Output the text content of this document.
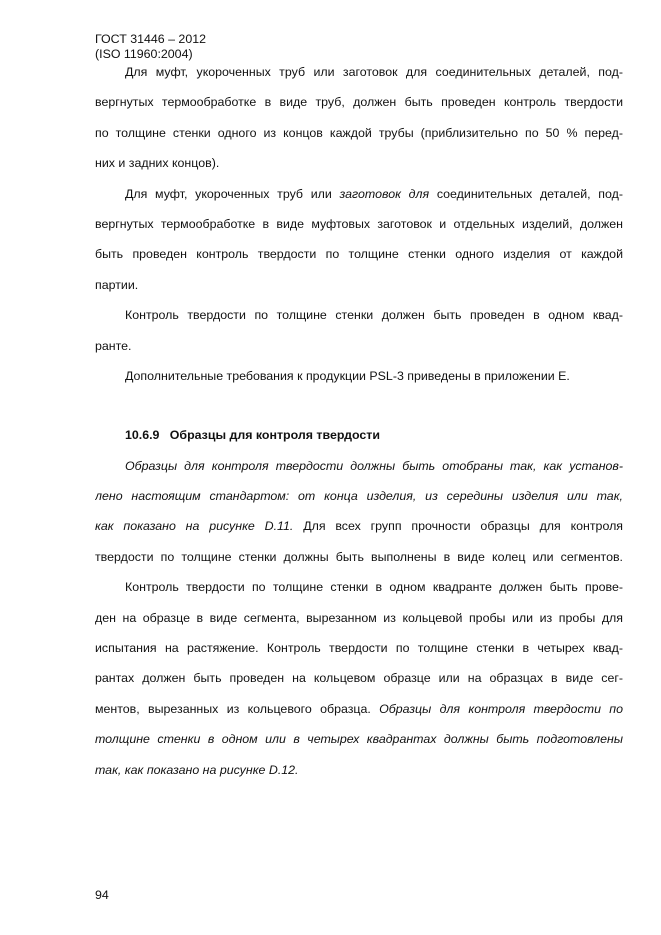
ГОСТ 31446 – 2012
(ISO 11960:2004)
Для муфт, укороченных труб или заготовок для соединительных деталей, под-
вергнутых термообработке в виде труб, должен быть проведен контроль твердости
по толщине стенки одного из концов каждой трубы (приблизительно по 50 % перед-
них и задних концов).
Для муфт, укороченных труб или заготовок для соединительных деталей, под-
вергнутых термообработке в виде муфтовых заготовок и отдельных изделий, должен
быть проведен контроль твердости по толщине стенки одного изделия от каждой
партии.
Контроль твердости по толщине стенки должен быть проведен в одном квад-
ранте.
Дополнительные требования к продукции PSL-3 приведены в приложении E.
10.6.9   Образцы для контроля твердости
Образцы для контроля твердости должны быть отобраны так, как установ-
лено настоящим стандартом: от конца изделия, из середины изделия или так,
как показано на рисунке D.11. Для всех групп прочности образцы для контроля
твердости по толщине стенки должны быть выполнены в виде колец или сегментов.
Контроль твердости по толщине стенки в одном квадранте должен быть прове-
ден на образце в виде сегмента, вырезанном из кольцевой пробы или из пробы для
испытания на растяжение. Контроль твердости по толщине стенки в четырех квад-
рантах должен быть проведен на кольцевом образце или на образцах в виде сег-
ментов, вырезанных из кольцевого образца. Образцы для контроля твердости по
толщине стенки в одном или в четырех квадрантах должны быть подготовлены
так, как показано на рисунке D.12.
94
